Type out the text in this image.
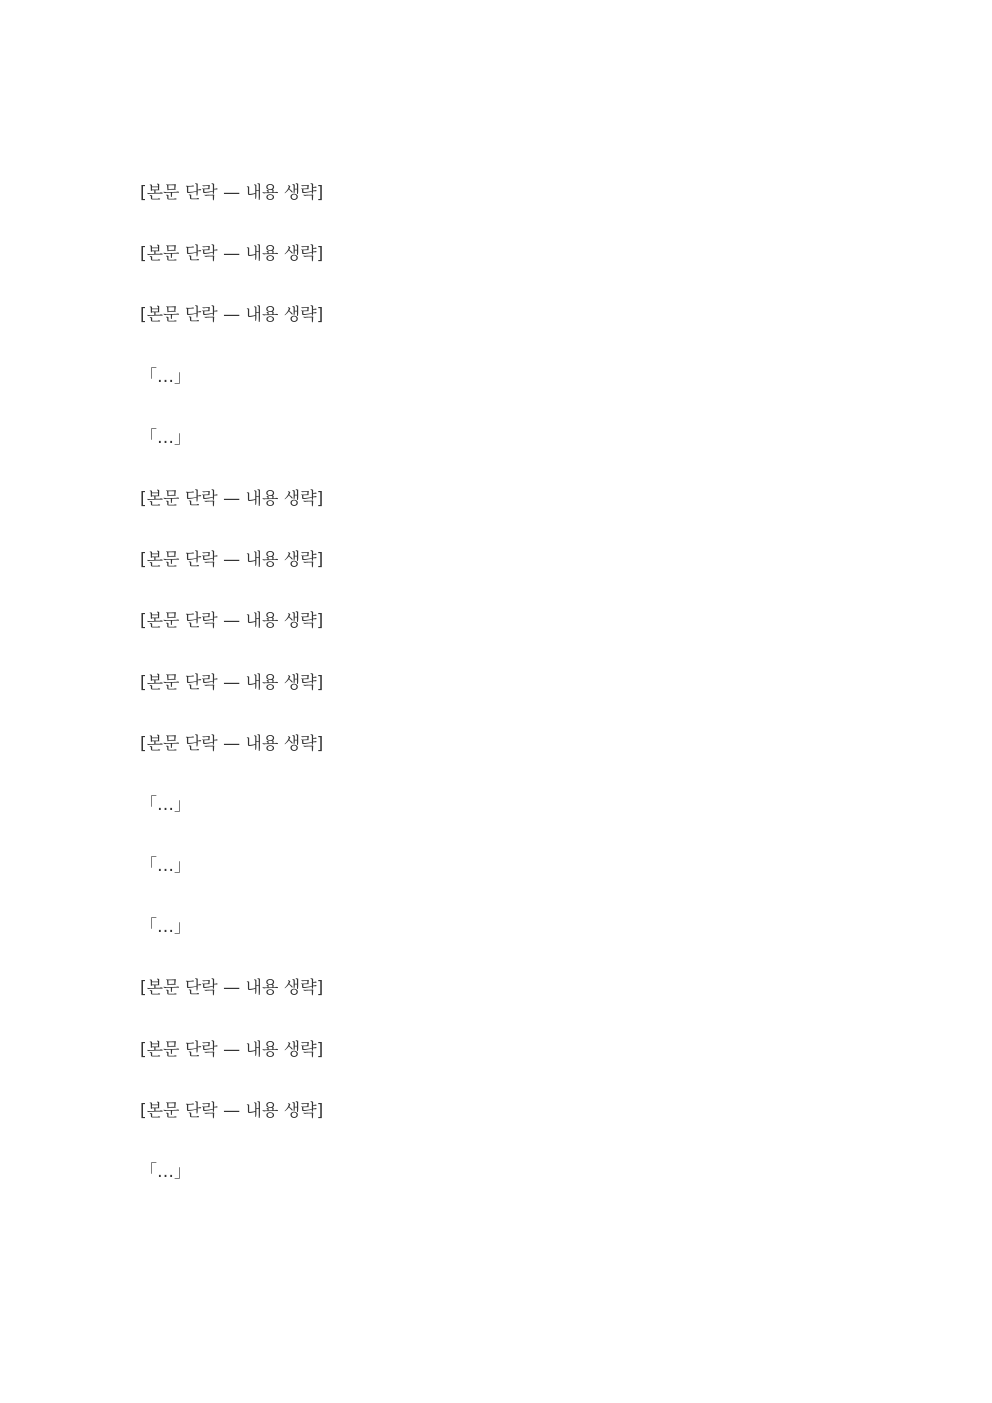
[본문 단락 — 내용 생략]
[본문 단락 — 내용 생략]
[본문 단락 — 내용 생략]
「…」
「…」
[본문 단락 — 내용 생략]
[본문 단락 — 내용 생략]
[본문 단락 — 내용 생략]
[본문 단락 — 내용 생략]
[본문 단락 — 내용 생략]
「…」
「…」
「…」
[본문 단락 — 내용 생략]
[본문 단락 — 내용 생략]
[본문 단락 — 내용 생략]
「…」
